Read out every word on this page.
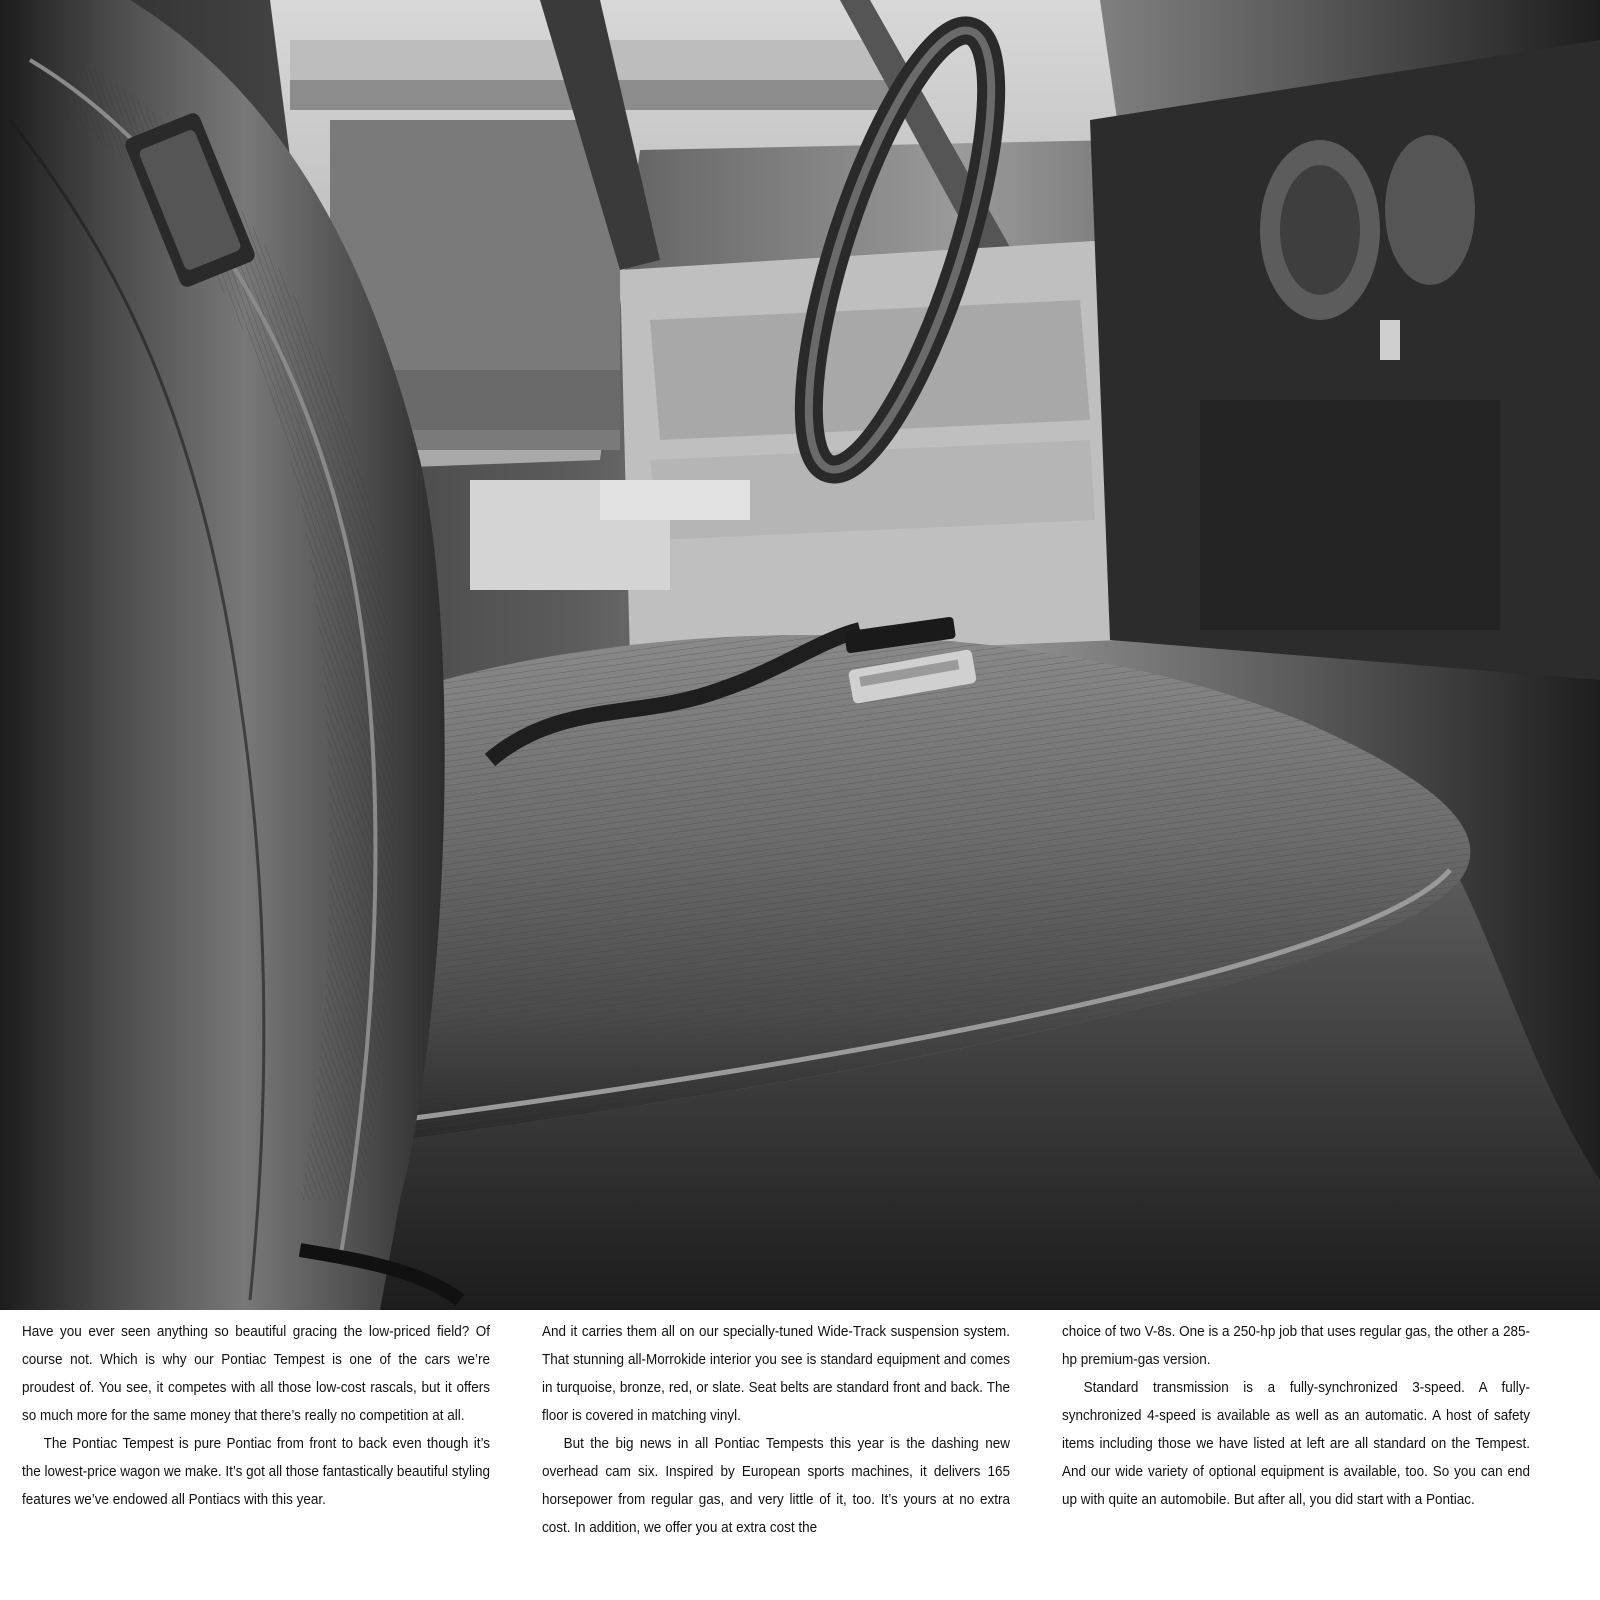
Have you ever seen anything so beautiful gracing the low-priced field? Of course not. Which is why our Pontiac Tempest is one of the cars we’re proudest of. You see, it competes with all those low-cost rascals, but it offers so much more for the same money that there’s really no competition at all.

The Pontiac Tempest is pure Pontiac from front to back even though it’s the lowest-price wagon we make. It’s got all those fantastically beautiful styling features we’ve endowed all Pontiacs with this year.

And it carries them all on our specially-tuned Wide-Track suspension system. That stunning all-Morrokide interior you see is standard equipment and comes in turquoise, bronze, red, or slate. Seat belts are standard front and back. The floor is covered in matching vinyl.

But the big news in all Pontiac Tempests this year is the dashing new overhead cam six. Inspired by European sports machines, it delivers 165 horsepower from regular gas, and very little of it, too. It’s yours at no extra cost. In addition, we offer you at extra cost the

choice of two V-8s. One is a 250-hp job that uses regular gas, the other a 285-hp premium-gas version.

Standard transmission is a fully-synchronized 3-speed. A fully-synchronized 4-speed is available as well as an automatic. A host of safety items including those we have listed at left are all standard on the Tempest. And our wide variety of optional equipment is available, too. So you can end up with quite an automobile. But after all, you did start with a Pontiac.
